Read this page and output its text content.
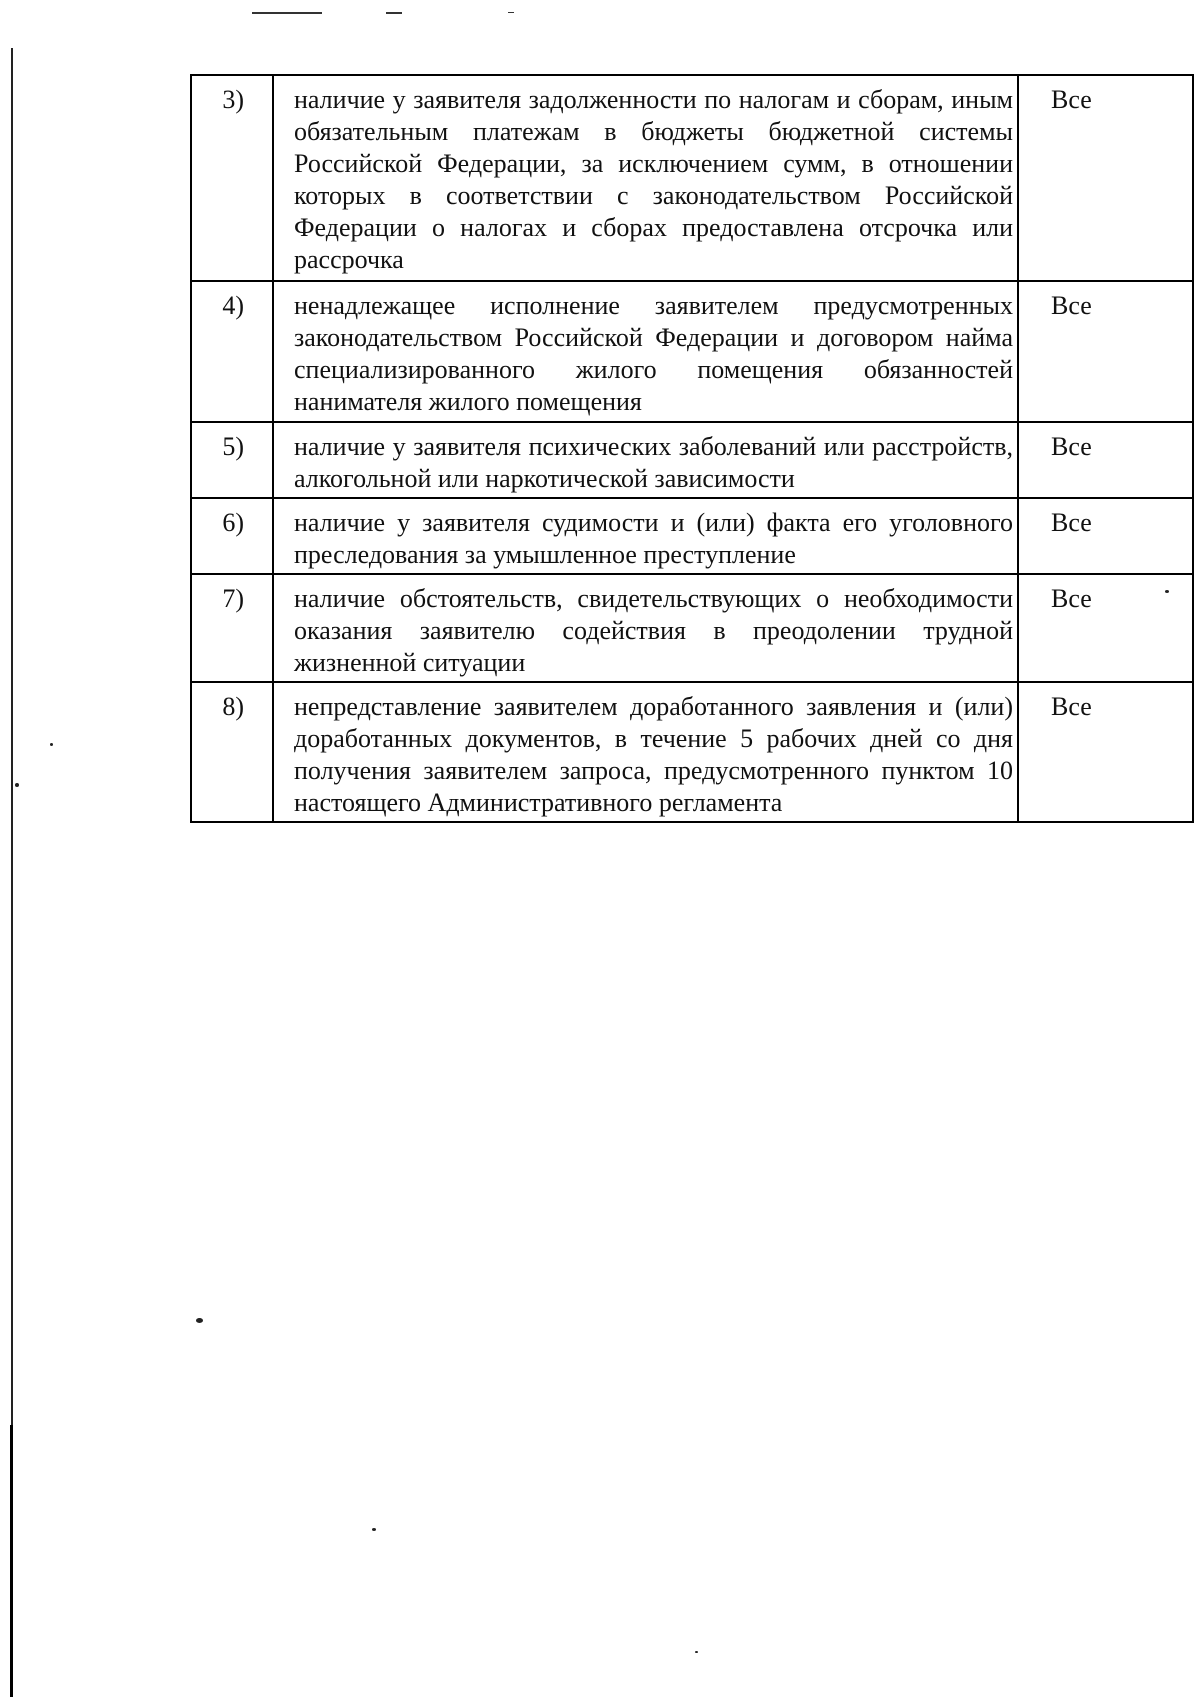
3)	наличие у заявителя задолженности по налогам и сборам, иным обязательным платежам в бюджеты бюджетной системы Российской Федерации, за исключением сумм, в отношении которых в соответствии с законодательством Российской Федерации о налогах и сборах предоставлена отсрочка или рассрочка	Все
4)	ненадлежащее исполнение заявителем предусмотренных законодательством Российской Федерации и договором найма специализированного жилого помещения обязанностей нанимателя жилого помещения	Все
5)	наличие у заявителя психических заболеваний или расстройств, алкогольной или наркотической зависимости	Все
6)	наличие у заявителя судимости и (или) факта его уголовного преследования за умышленное преступление	Все
7)	наличие обстоятельств, свидетельствующих о необходимости оказания заявителю содействия в преодолении трудной жизненной ситуации	Все
8)	непредставление заявителем доработанного заявления и (или) доработанных документов, в течение 5 рабочих дней со дня получения заявителем запроса, предусмотренного пунктом 10 настоящего Административного регламента	Все
